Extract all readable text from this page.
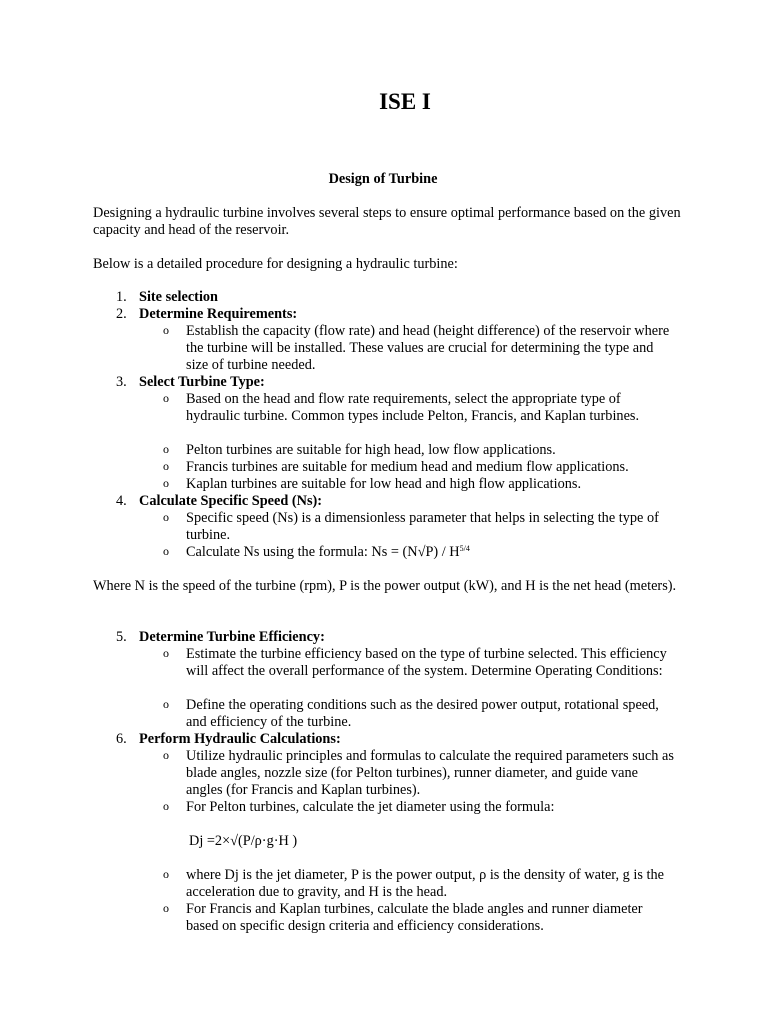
ISE I
Design of Turbine
Designing a hydraulic turbine involves several steps to ensure optimal performance based on the given capacity and head of the reservoir.
Below is a detailed procedure for designing a hydraulic turbine:
1. Site selection
2. Determine Requirements:
o Establish the capacity (flow rate) and head (height difference) of the reservoir where the turbine will be installed. These values are crucial for determining the type and size of turbine needed.
3. Select Turbine Type:
o Based on the head and flow rate requirements, select the appropriate type of hydraulic turbine. Common types include Pelton, Francis, and Kaplan turbines.
o Pelton turbines are suitable for high head, low flow applications.
o Francis turbines are suitable for medium head and medium flow applications.
o Kaplan turbines are suitable for low head and high flow applications.
4. Calculate Specific Speed (Ns):
o Specific speed (Ns) is a dimensionless parameter that helps in selecting the type of turbine.
o Calculate Ns using the formula: $Ns = (N√P) / H^{5/4}$
Where N is the speed of the turbine (rpm), P is the power output (kW), and H is the net head (meters).
5. Determine Turbine Efficiency:
o Estimate the turbine efficiency based on the type of turbine selected. This efficiency will affect the overall performance of the system. Determine Operating Conditions:
o Define the operating conditions such as the desired power output, rotational speed, and efficiency of the turbine.
6. Perform Hydraulic Calculations:
o Utilize hydraulic principles and formulas to calculate the required parameters such as blade angles, nozzle size (for Pelton turbines), runner diameter, and guide vane angles (for Francis and Kaplan turbines).
o For Pelton turbines, calculate the jet diameter using the formula:
Dj =2×√(P/ρ·g·H )
o where Dj is the jet diameter, P is the power output, ρ is the density of water, g is the acceleration due to gravity, and H is the head.
o For Francis and Kaplan turbines, calculate the blade angles and runner diameter based on specific design criteria and efficiency considerations.
